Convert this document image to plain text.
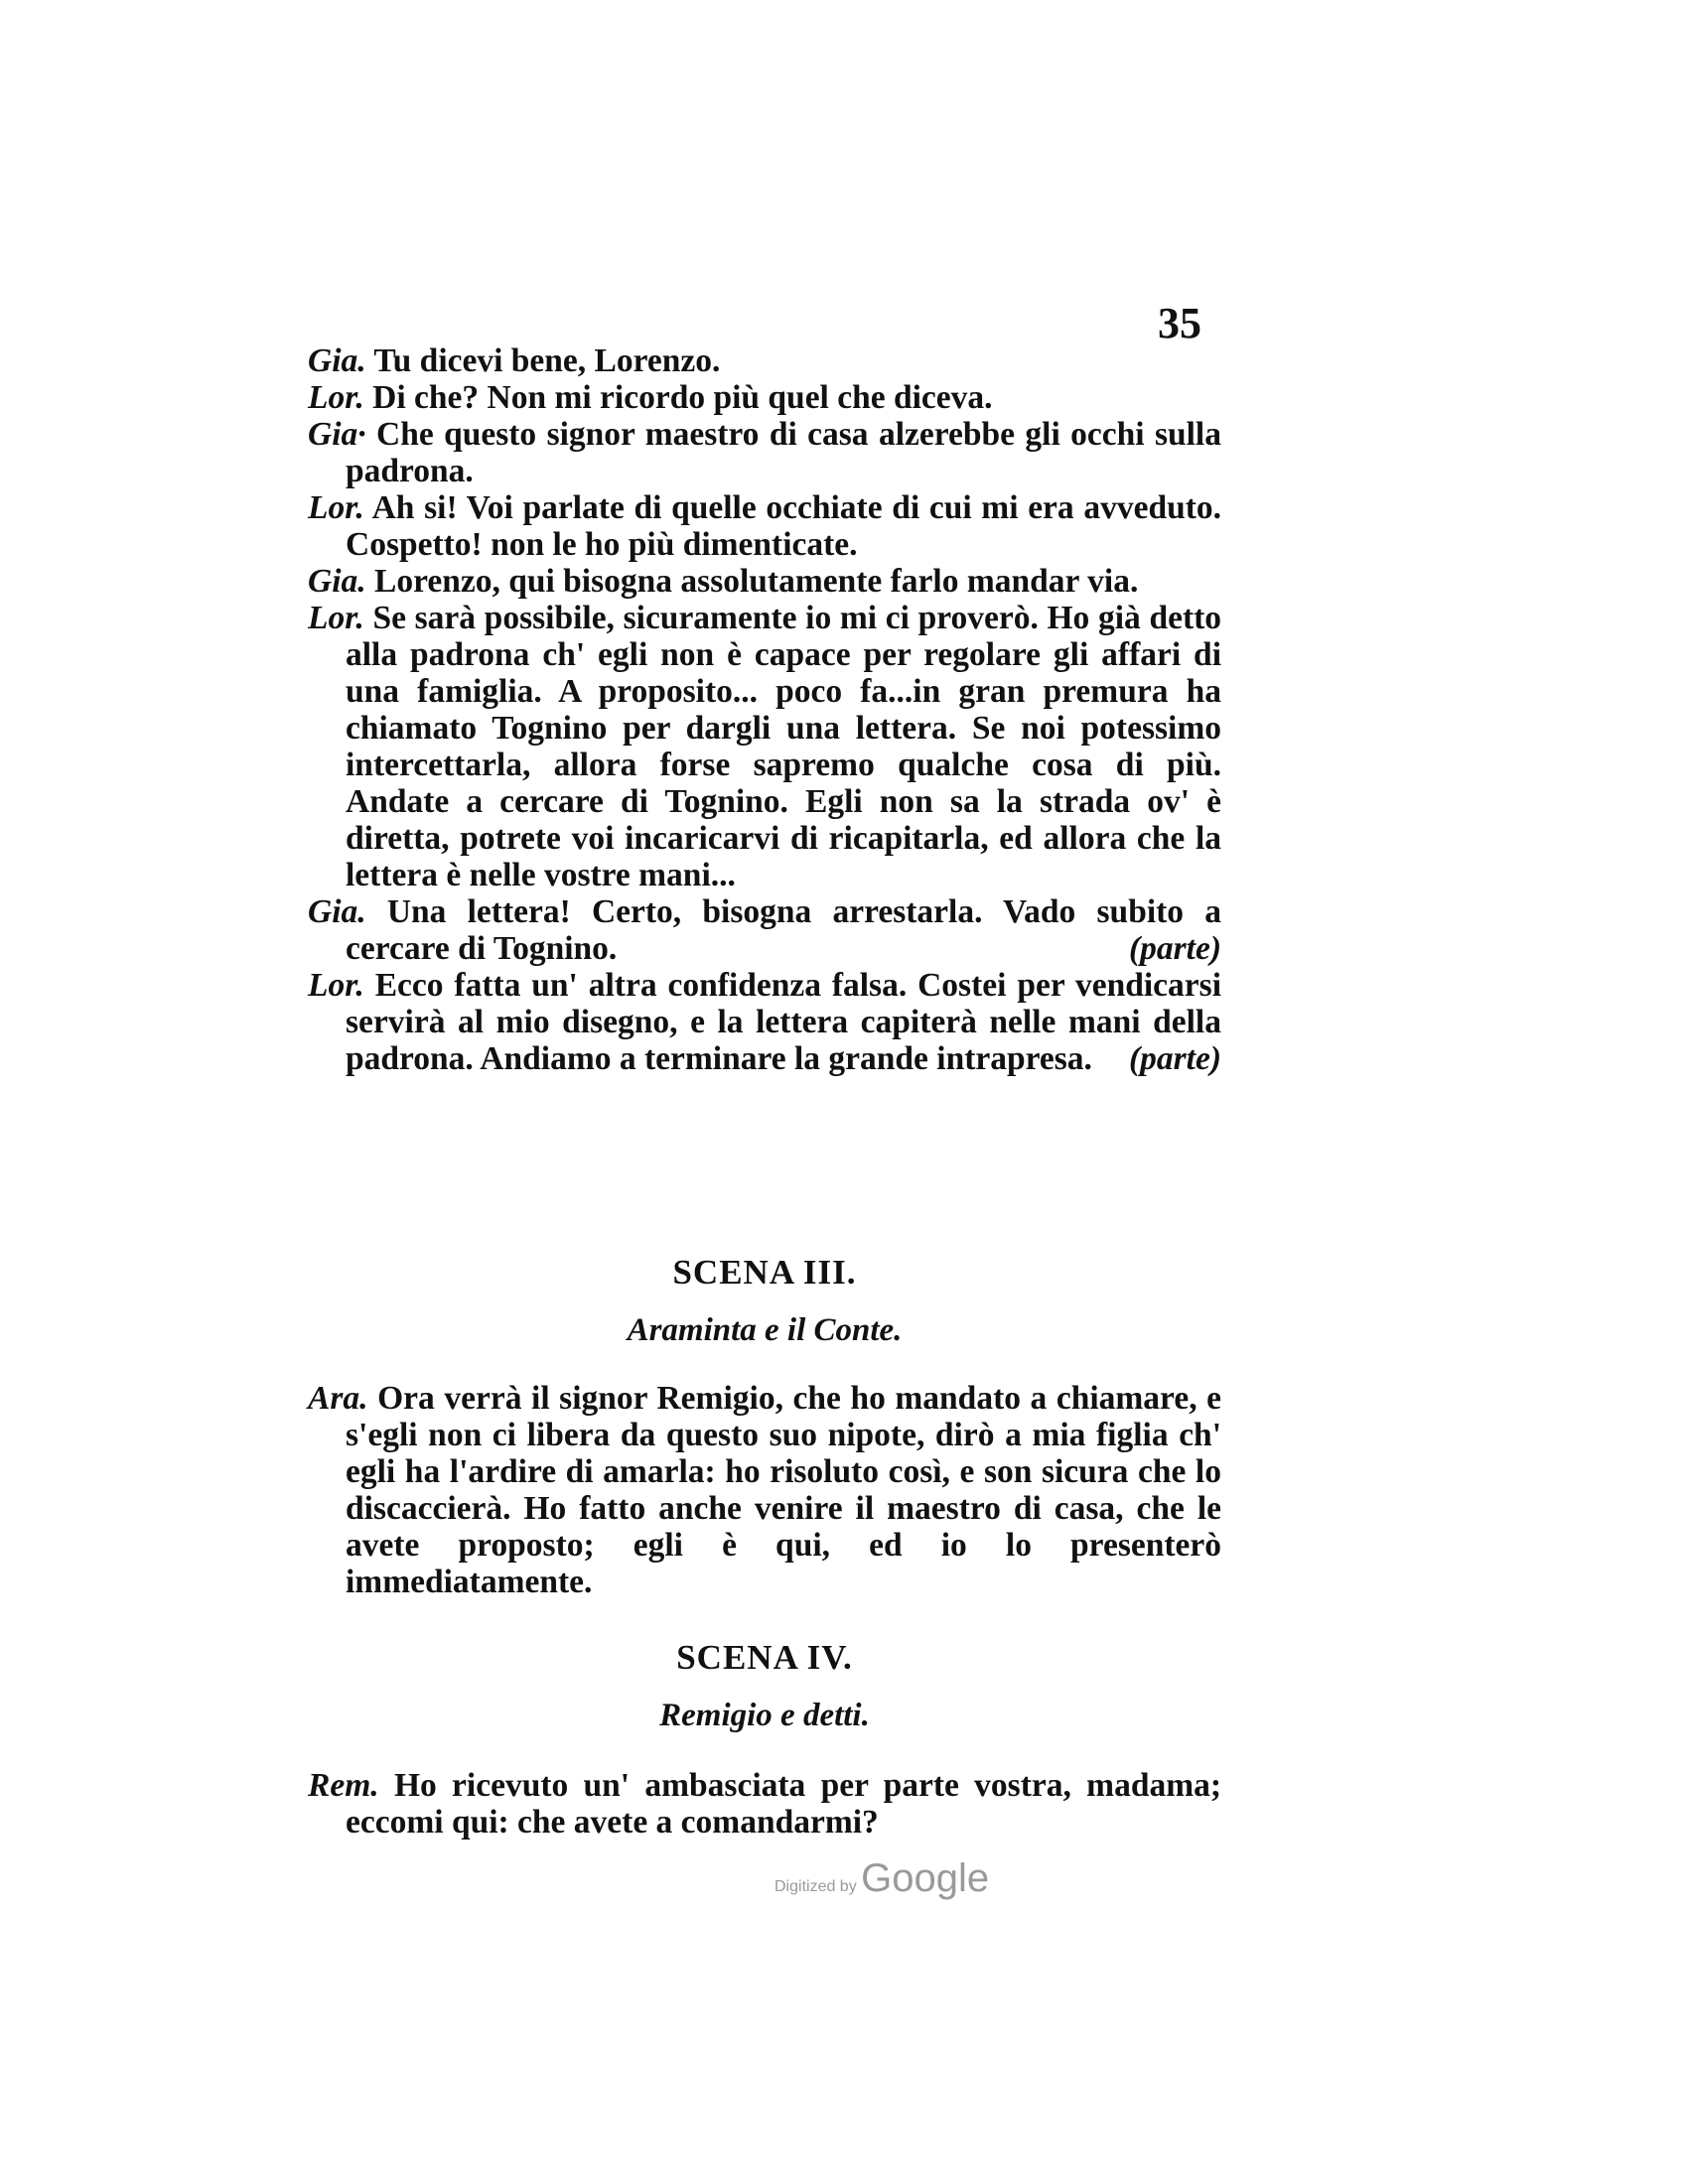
35

Gia. Tu dicevi bene, Lorenzo.

Lor. Di che? Non mi ricordo più quel che diceva.

Gia· Che questo signor maestro di casa alzerebbe gli occhi sulla padrona.

Lor. Ah si! Voi parlate di quelle occhiate di cui mi era avveduto. Cospetto! non le ho più dimenticate.

Gia. Lorenzo, qui bisogna assolutamente farlo mandar via.

Lor. Se sarà possibile, sicuramente io mi ci proverò. Ho già detto alla padrona ch' egli non è capace per regolare gli affari di una famiglia. A proposito... poco fa...in gran premura ha chiamato Tognino per dargli una lettera. Se noi potessimo intercettarla, allora forse sapremo qualche cosa di più. Andate a cercare di Tognino. Egli non sa la strada ov' è diretta, potrete voi incaricarvi di ricapitarla, ed allora che la lettera è nelle vostre mani...

Gia. Una lettera! Certo, bisogna arrestarla. Vado subito a cercare di Tognino.	(parte)

Lor. Ecco fatta un' altra confidenza falsa. Costei per vendicarsi servirà al mio disegno, e la lettera capiterà nelle mani della padrona. Andiamo a terminare la grande intrapresa. (parte)

SCENA III.
Araminta e il Conte.

Ara. Ora verrà il signor Remigio, che ho mandato a chiamare, e s'egli non ci libera da questo suo nipote, dirò a mia figlia ch' egli ha l'ardire di amarla: ho risoluto così, e son sicura che lo discaccierà. Ho fatto anche venire il maestro di casa, che le avete proposto; egli è qui, ed io lo presenterò immediatamente.

SCENA IV.
Remigio e detti.

Rem. Ho ricevuto un' ambasciata per parte vostra, madama; eccomi qui: che avete a comandarmi?

Digitized by Google
